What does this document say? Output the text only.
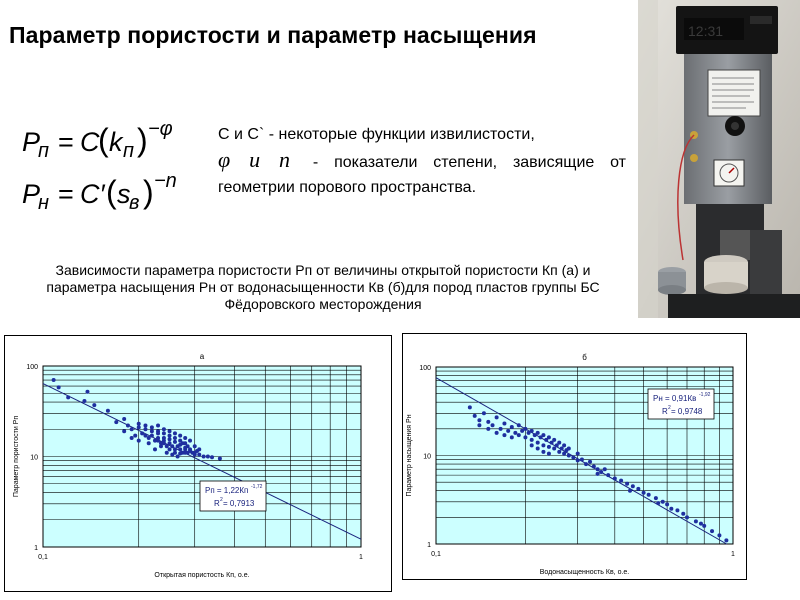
Параметр пористости и параметр насыщения
P
п = C
( k п ) −φ
P
н = C′ ( s
в ) −n
С и С` - некоторые функции извилистости,
φ и n - показатели степени, зависящие от
геометрии порового пространства.
Зависимости параметра пористости Рп от величины открытой пористости Кп (а) и параметра насыщения Рн от водонасыщенности Кв (б)для пород пластов группы БС Фёдоровского месторождения
12:31
а
1
10
100
0,1	1
Открытая пористость Кп, о.е.
Параметр пористости Рп	Рп = 1,22Кп -1,72
R 2 = 0,7913
б
1
10
100
0,1	1
Водонасыщенность Кв, о.е.
Параметр насыщения Рн
Рн = 0,91Кв -1,92
R 2 = 0,9748
